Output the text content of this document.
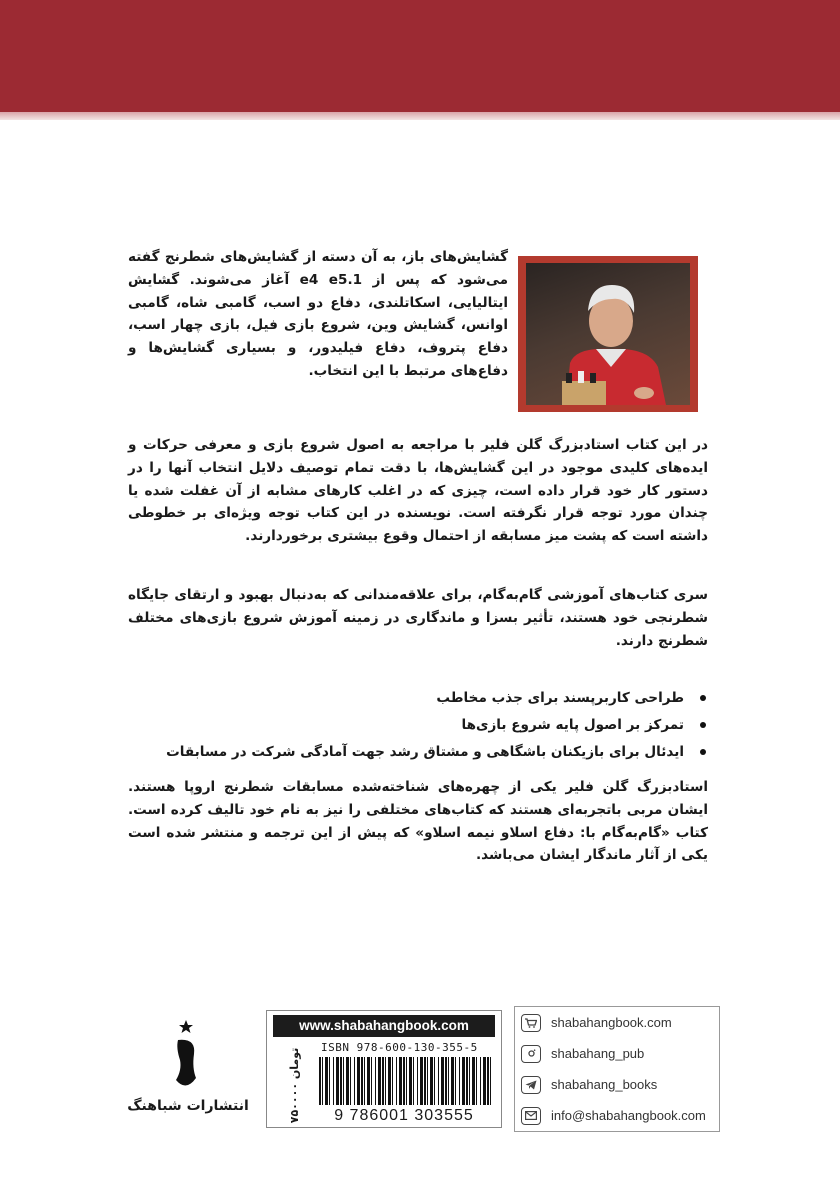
گشایش‌های باز، به آن دسته از گشایش‌های شطرنج گفته می‌شود که پس از 1.e4 e5 آغاز می‌شوند. گشایش ایتالیایی، اسکاتلندی، دفاع دو اسب، گامبی شاه، گامبی اوانس، گشایش وین، شروع بازی فیل، بازی چهار اسب، دفاع پتروف، دفاع فیلیدور، و بسیاری گشایش‌ها و دفاع‌های مرتبط با این انتخاب.
در این کتاب استادبزرگ گلن فلیر با مراجعه به اصول شروع بازی و معرفی حرکات و ایده‌های کلیدی موجود در این گشایش‌ها، با دقت تمام توصیف دلایل انتخاب آنها را در دستور کار خود قرار داده است، چیزی که در اغلب کارهای مشابه از آن غفلت شده یا چندان مورد توجه قرار نگرفته است. نویسنده در این کتاب توجه ویژه‌ای بر خطوطی داشته است که پشت میز مسابقه از احتمال وقوع بیشتری برخوردارند.
سری کتاب‌های آموزشی گام‌به‌گام، برای علاقه‌مندانی که به‌دنبال بهبود و ارتقای جایگاه شطرنجی خود هستند، تأثیر بسزا و ماندگاری در زمینه آموزش شروع بازی‌های مختلف شطرنج دارند.
طراحی کاربرپسند برای جذب مخاطب
تمرکز بر اصول پایه شروع بازی‌ها
ایدئال برای بازیکنان باشگاهی و مشتاق رشد جهت آمادگی شرکت در مسابقات
استادبزرگ گلن فلیر یکی از چهره‌های شناخته‌شده مسابقات شطرنج اروپا هستند. ایشان مربی باتجربه‌ای هستند که کتاب‌های مختلفی را نیز به نام خود تالیف کرده است. کتاب «گام‌به‌گام با: دفاع اسلاو نیمه اسلاو» که پیش از این ترجمه و منتشر شده است یکی از آثار ماندگار ایشان می‌باشد.
shabahangbook.com
shabahang_pub
shabahang_books
info@shabahangbook.com
www.shabahangbook.com
ISBN 978-600-130-355-5
9 786001 303555
۷۵۰۰۰۰ تومان
انتشارات شباهنگ
